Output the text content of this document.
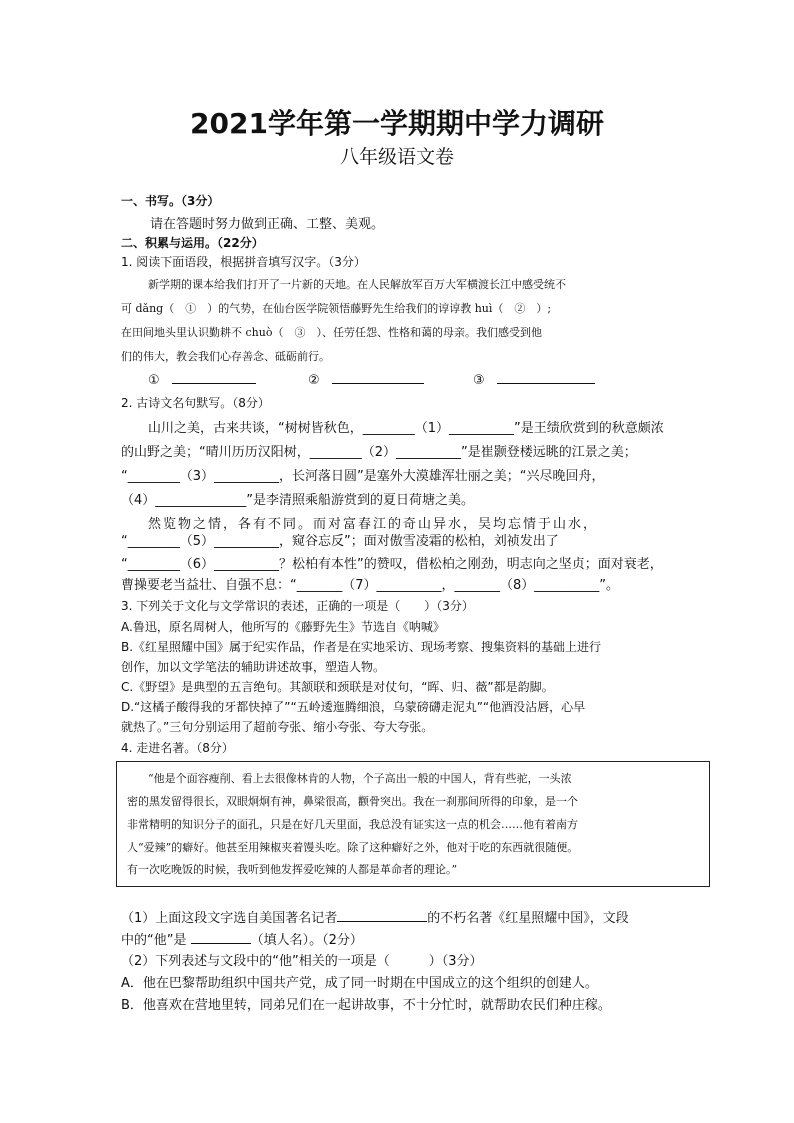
2021学年第一学期期中学力调研
八年级语文卷
一、书写。（3分）
请在答题时努力做到正确、工整、美观。
二、积累与运用。（22分）
1. 阅读下面语段，根据拼音填写汉字。（3分）
新学期的课本给我们打开了一片新的天地。在人民解放军百万大军横渡长江中感受统不
可 dǎng（　①　）的气势，在仙台医学院领悟藤野先生给我们的谆谆教 huì（　②　）;
在田间地头里认识勤耕不 chuò（　③　）、任劳任怨、性格和蔼的母亲。我们感受到他
们的伟大，教会我们心存善念、砥砺前行。
①	②	③
2. 古诗文名句默写。（8分）
山川之美，古来共谈，“树树皆秋色，________（1）__________”是王绩欣赏到的秋意颇浓
的山野之美；“晴川历历汉阳树，________（2）__________”是崔颢登楼远眺的江景之美；
“________（3）__________，长河落日圆”是塞外大漠雄浑壮丽之美；“兴尽晚回舟，
（4）______________”是李清照乘船游赏到的夏日荷塘之美。
然览物之情，各有不同。而对富春江的奇山异水，吴均忘情于山水，
“________（5）__________，窥谷忘反”；面对傲雪凌霜的松柏，刘祯发出了
“________（6）__________？松柏有本性”的赞叹，借松柏之刚劲，明志向之坚贞；面对衰老，
曹操要老当益壮、自强不息：“_______（7）__________，_______（8）__________”。
3. 下列关于文化与文学常识的表述，正确的一项是（　　）（3分）
A.鲁迅，原名周树人，他所写的《藤野先生》节选自《呐喊》
B.《红星照耀中国》属于纪实作品，作者是在实地采访、现场考察、搜集资料的基础上进行
创作，加以文学笔法的辅助讲述故事，塑造人物。
C.《野望》是典型的五言绝句。其颔联和颈联是对仗句，“晖、归、薇”都是韵脚。
D.“这橘子酸得我的牙都快掉了”“五岭逶迤腾细浪，乌蒙磅礴走泥丸”“他酒没沾唇，心早
就热了。”三句分别运用了超前夸张、缩小夸张、夸大夸张。
4. 走进名著。（8分）
“他是个面容瘦削、看上去很像林肯的人物，个子高出一般的中国人，背有些驼，一头浓
密的黑发留得很长，双眼炯炯有神，鼻梁很高，颧骨突出。我在一刹那间所得的印象，是一个
非常精明的知识分子的面孔，只是在好几天里面，我总没有证实这一点的机会……他有着南方
人“爱辣”的癖好。他甚至用辣椒夹着馒头吃。除了这种癖好之外，他对于吃的东西就很随便。
有一次吃晚饭的时候，我听到他发挥爱吃辣的人都是革命者的理论。”
（1）上面这段文字选自美国著名记者	的不朽名著《红星照耀中国》，文段
中的“他”是	（填人名）。（2分）
（2）下列表述与文段中的“他”相关的一项是（　　　）（3分）
A．他在巴黎帮助组织中国共产党，成了同一时期在中国成立的这个组织的创建人。
B．他喜欢在营地里转，同弟兄们在一起讲故事，不十分忙时，就帮助农民们种庄稼。
